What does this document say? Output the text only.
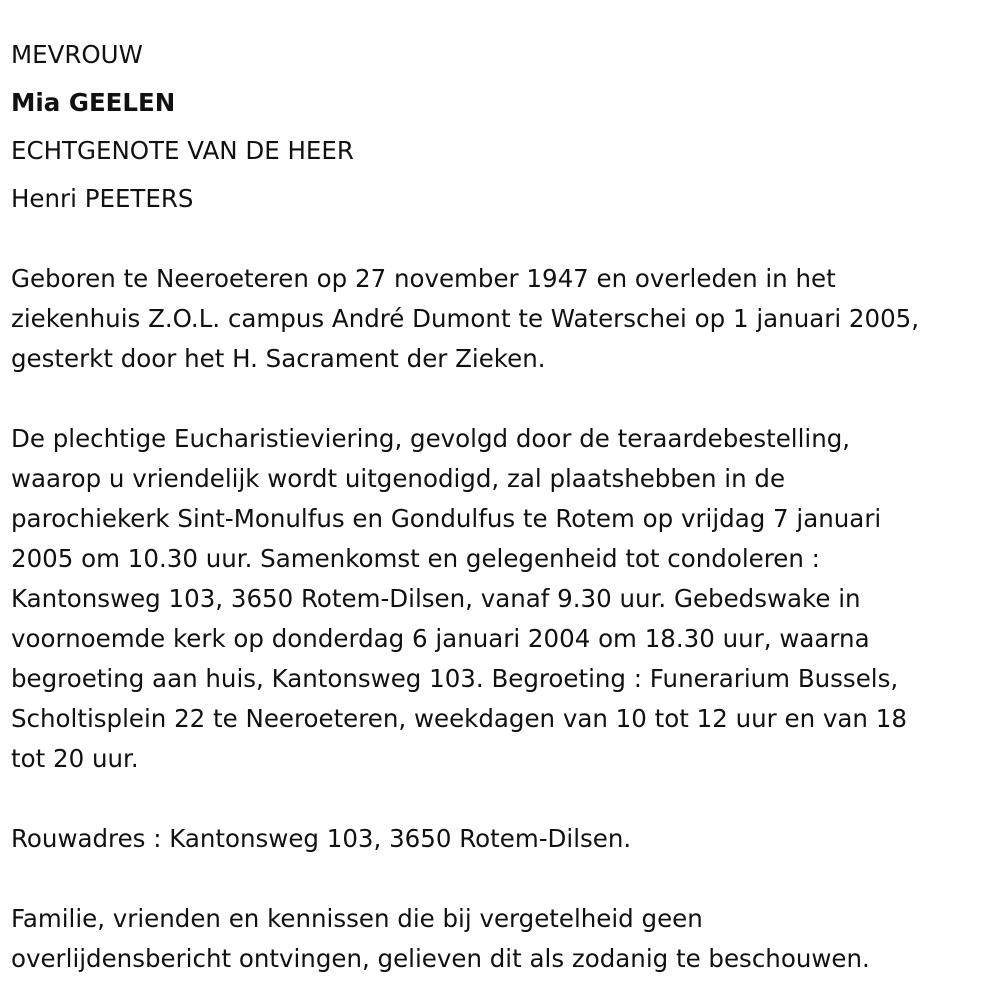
MEVROUW

Mia GEELEN

ECHTGENOTE VAN DE HEER

Henri PEETERS

Geboren te Neeroeteren op 27 november 1947 en overleden in het

ziekenhuis Z.O.L. campus André Dumont te Waterschei op 1 januari 2005,

gesterkt door het H. Sacrament der Zieken.

De plechtige Eucharistieviering, gevolgd door de teraardebestelling,

waarop u vriendelijk wordt uitgenodigd, zal plaatshebben in de

parochiekerk Sint-Monulfus en Gondulfus te Rotem op vrijdag 7 januari

2005 om 10.30 uur. Samenkomst en gelegenheid tot condoleren :

Kantonsweg 103, 3650 Rotem-Dilsen, vanaf 9.30 uur. Gebedswake in

voornoemde kerk op donderdag 6 januari 2004 om 18.30 uur, waarna

begroeting aan huis, Kantonsweg 103. Begroeting : Funerarium Bussels,

Scholtisplein 22 te Neeroeteren, weekdagen van 10 tot 12 uur en van 18

tot 20 uur.

Rouwadres : Kantonsweg 103, 3650 Rotem-Dilsen.

Familie, vrienden en kennissen die bij vergetelheid geen

overlijdensbericht ontvingen, gelieven dit als zodanig te beschouwen.
